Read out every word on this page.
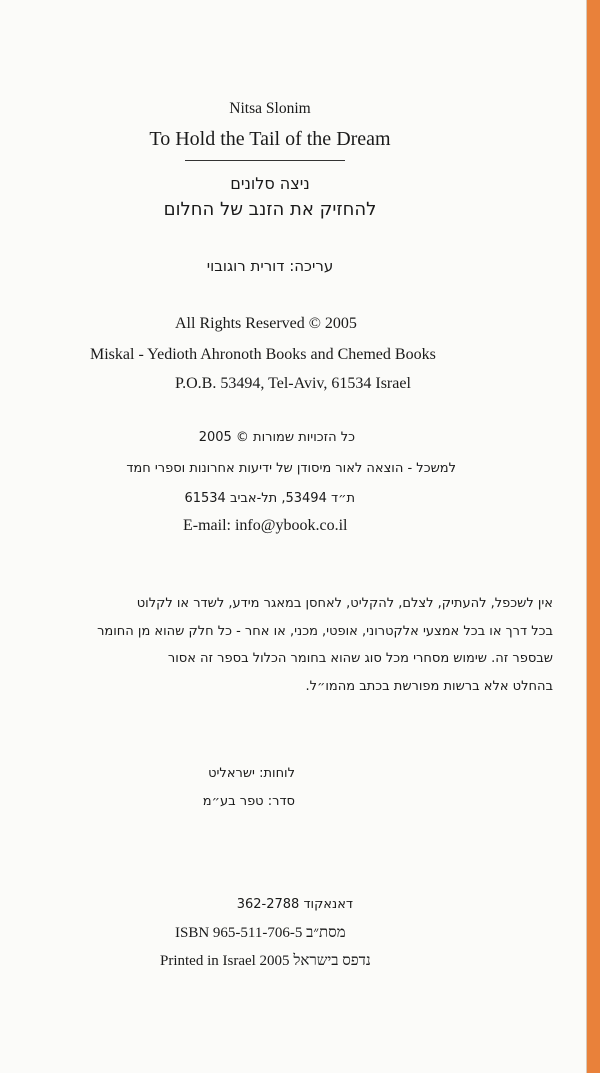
Nitsa Slonim

To Hold the Tail of the Dream

ניצה סלונים

להחזיק את הזנב של החלום

עריכה: דורית רוגובוי

All Rights Reserved © 2005

Miskal - Yedioth Ahronoth Books and Chemed Books

P.O.B. 53494, Tel-Aviv, 61534 Israel

כל הזכויות שמורות © 2005

למשכל - הוצאה לאור מיסודן של ידיעות אחרונות וספרי חמד

ת״ד 53494, תל-אביב 61534

E-mail: info@ybook.co.il

אין לשכפל, להעתיק, לצלם, להקליט, לאחסן במאגר מידע, לשדר או לקלוט

בכל דרך או בכל אמצעי אלקטרוני, אופטי, מכני, או אחר - כל חלק שהוא מן החומר

שבספר זה. שימוש מסחרי מכל סוג שהוא בחומר הכלול בספר זה אסור

בהחלט אלא ברשות מפורשת בכתב מהמו״ל.

לוחות: ישראליט

סדר: טפר בע״מ

דאנאקוד 362-2788

ISBN 965-511-706-5 מסת״ב

Printed in Israel 2005 נדפס בישראל
